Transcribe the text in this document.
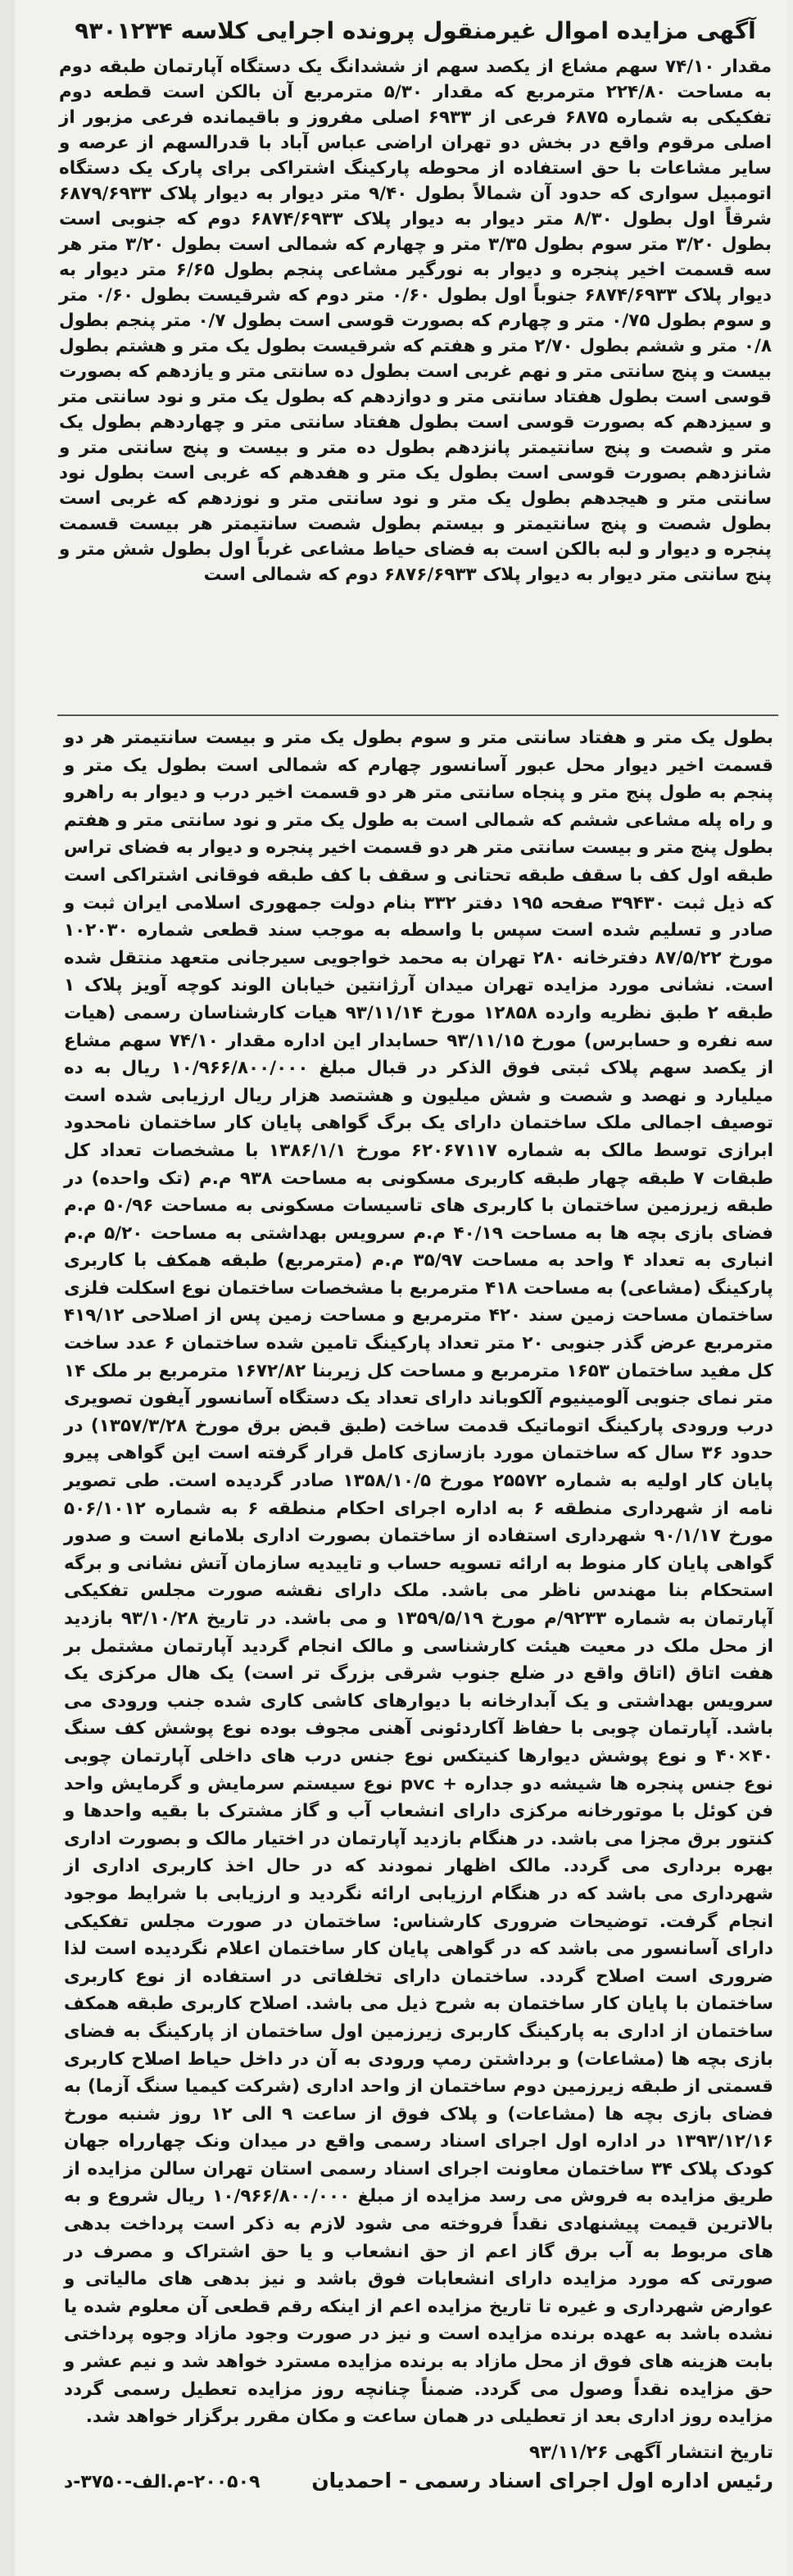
آگهی مزایده اموال غیرمنقول پرونده اجرایی کلاسه ۹۳۰۱۲۳۴

مقدار ۷۴/۱۰ سهم مشاع از یکصد سهم از ششدانگ یک دستگاه آپارتمان طبقه دوم به مساحت ۲۲۴/۸۰ مترمربع که مقدار ۵/۳۰ مترمربع آن بالکن است قطعه دوم تفکیکی به شماره ۶۸۷۵ فرعی از ۶۹۳۳ اصلی مفروز و باقیمانده فرعی مزبور از اصلی مرقوم واقع در بخش دو تهران اراضی عباس آباد با قدرالسهم از عرصه و سایر مشاعات با حق استفاده از محوطه پارکینگ اشتراکی برای پارک یک دستگاه اتومبیل سواری که حدود آن شمالاً بطول ۹/۴۰ متر دیوار به دیوار پلاک ۶۸۷۹/۶۹۳۳ شرقاً اول بطول ۸/۳۰ متر دیوار به دیوار پلاک ۶۸۷۴/۶۹۳۳ دوم که جنوبی است بطول ۳/۲۰ متر سوم بطول ۳/۳۵ متر و چهارم که شمالی است بطول ۳/۲۰ متر هر سه قسمت اخیر پنجره و دیوار به نورگیر مشاعی پنجم بطول ۶/۶۵ متر دیوار به دیوار پلاک ۶۸۷۴/۶۹۳۳ جنوباً اول بطول ۰/۶۰ متر دوم که شرقیست بطول ۰/۶۰ متر و سوم بطول ۰/۷۵ متر و چهارم که بصورت قوسی است بطول ۰/۷ متر پنجم بطول ۰/۸ متر و ششم بطول ۲/۷۰ متر و هفتم که شرقیست بطول یک متر و هشتم بطول بیست و پنج سانتی متر و نهم غربی است بطول ده سانتی متر و یازدهم که بصورت قوسی است بطول هفتاد سانتی متر و دوازدهم که بطول یک متر و نود سانتی متر و سیزدهم که بصورت قوسی است بطول هفتاد سانتی متر و چهاردهم بطول یک متر و شصت و پنج سانتیمتر پانزدهم بطول ده متر و بیست و پنج سانتی متر و شانزدهم بصورت قوسی است بطول یک متر و هفدهم که غربی است بطول نود سانتی متر و هیجدهم بطول یک متر و نود سانتی متر و نوزدهم که غربی است بطول شصت و پنج سانتیمتر و بیستم بطول شصت سانتیمتر هر بیست قسمت پنجره و دیوار و لبه بالکن است به فضای حیاط مشاعی غرباً اول بطول شش متر و پنج سانتی متر دیوار به دیوار پلاک ۶۸۷۶/۶۹۳۳ دوم که شمالی است

بطول یک متر و هفتاد سانتی متر و سوم بطول یک متر و بیست سانتیمتر هر دو قسمت اخیر دیوار محل عبور آسانسور چهارم که شمالی است بطول یک متر و پنجم به طول پنج متر و پنجاه سانتی متر هر دو قسمت اخیر درب و دیوار به راهرو و راه پله مشاعی ششم که شمالی است به طول یک متر و نود سانتی متر و هفتم بطول پنج متر و بیست سانتی متر هر دو قسمت اخیر پنجره و دیوار به فضای تراس طبقه اول کف با سقف طبقه تحتانی و سقف با کف طبقه فوقانی اشتراکی است که ذیل ثبت ۳۹۴۳۰ صفحه ۱۹۵ دفتر ۳۳۲ بنام دولت جمهوری اسلامی ایران ثبت و صادر و تسلیم شده است سپس با واسطه به موجب سند قطعی شماره ۱۰۲۰۳۰ مورخ ۸۷/۵/۲۲ دفترخانه ۲۸۰ تهران به محمد خواجویی سیرجانی متعهد منتقل شده است. نشانی مورد مزایده تهران میدان آرژانتین خیابان الوند کوچه آویز پلاک ۱ طبقه ۲ طبق نظریه وارده ۱۲۸۵۸ مورخ ۹۳/۱۱/۱۴ هیات کارشناسان رسمی (هیات سه نفره و حسابرس) مورخ ۹۳/۱۱/۱۵ حسابدار این اداره مقدار ۷۴/۱۰ سهم مشاع از یکصد سهم پلاک ثبتی فوق الذکر در قبال مبلغ ۱۰/۹۶۶/۸۰۰/۰۰۰ ریال به ده میلیارد و نهصد و شصت و شش میلیون و هشتصد هزار ریال ارزیابی شده است توصیف اجمالی ملک ساختمان دارای یک برگ گواهی پایان کار ساختمان نامحدود ابرازی توسط مالک به شماره ۶۲۰۶۷۱۱۷ مورخ ۱۳۸۶/۱/۱ با مشخصات تعداد کل طبقات ۷ طبقه چهار طبقه کاربری مسکونی به مساحت ۹۳۸ م.م (تک واحده) در طبقه زیرزمین ساختمان با کاربری های تاسیسات مسکونی به مساحت ۵۰/۹۶ م.م فضای بازی بچه ها به مساحت ۴۰/۱۹ م.م سرویس بهداشتی به مساحت ۵/۲۰ م.م انباری به تعداد ۴ واحد به مساحت ۳۵/۹۷ م.م (مترمربع) طبقه همکف با کاربری پارکینگ (مشاعی) به مساحت ۴۱۸ مترمربع با مشخصات ساختمان نوع اسکلت فلزی ساختمان مساحت زمین سند ۴۲۰ مترمربع و مساحت زمین پس از اصلاحی ۴۱۹/۱۲ مترمربع عرض گذر جنوبی ۲۰ متر تعداد پارکینگ تامین شده ساختمان ۶ عدد ساخت کل مفید ساختمان ۱۶۵۳ مترمربع و مساحت کل زیربنا ۱۶۷۲/۸۲ مترمربع بر ملک ۱۴ متر نمای جنوبی آلومینیوم آلکوباند دارای تعداد یک دستگاه آسانسور آیفون تصویری درب ورودی پارکینگ اتوماتیک قدمت ساخت (طبق قبض برق مورخ ۱۳۵۷/۳/۲۸) در حدود ۳۶ سال که ساختمان مورد بازسازی کامل قرار گرفته است این گواهی پیرو پایان کار اولیه به شماره ۲۵۵۷۲ مورخ ۱۳۵۸/۱۰/۵ صادر گردیده است. طی تصویر نامه از شهرداری منطقه ۶ به اداره اجرای احکام منطقه ۶ به شماره ۵۰۶/۱۰۱۲ مورخ ۹۰/۱/۱۷ شهرداری استفاده از ساختمان بصورت اداری بلامانع است و صدور گواهی پایان کار منوط به ارائه تسویه حساب و تاییدیه سازمان آتش نشانی و برگه استحکام بنا مهندس ناظر می باشد. ملک دارای نقشه صورت مجلس تفکیکی آپارتمان به شماره ۹۲۳۳/م مورخ ۱۳۵۹/۵/۱۹ و می باشد. در تاریخ ۹۳/۱۰/۲۸ بازدید از محل ملک در معیت هیئت کارشناسی و مالک انجام گردید آپارتمان مشتمل بر هفت اتاق (اتاق واقع در ضلع جنوب شرقی بزرگ تر است) یک هال مرکزی یک سرویس بهداشتی و یک آبدارخانه با دیوارهای کاشی کاری شده جنب ورودی می باشد. آپارتمان چوبی با حفاظ آکاردئونی آهنی مجوف بوده نوع پوشش کف سنگ ۴۰×۴۰ و نوع پوشش دیوارها کنیتکس نوع جنس درب های داخلی آپارتمان چوبی نوع جنس پنجره ها شیشه دو جداره + pvc نوع سیستم سرمایش و گرمایش واحد فن کوئل با موتورخانه مرکزی دارای انشعاب آب و گاز مشترک با بقیه واحدها و کنتور برق مجزا می باشد. در هنگام بازدید آپارتمان در اختیار مالک و بصورت اداری بهره برداری می گردد. مالک اظهار نمودند که در حال اخذ کاربری اداری از شهرداری می باشد که در هنگام ارزیابی ارائه نگردید و ارزیابی با شرایط موجود انجام گرفت. توضیحات ضروری کارشناس: ساختمان در صورت مجلس تفکیکی دارای آسانسور می باشد که در گواهی پایان کار ساختمان اعلام نگردیده است لذا ضروری است اصلاح گردد. ساختمان دارای تخلفاتی در استفاده از نوع کاربری ساختمان با پایان کار ساختمان به شرح ذیل می باشد. اصلاح کاربری طبقه همکف ساختمان از اداری به پارکینگ کاربری زیرزمین اول ساختمان از پارکینگ به فضای بازی بچه ها (مشاعات) و برداشتن رمپ ورودی به آن در داخل حیاط اصلاح کاربری قسمتی از طبقه زیرزمین دوم ساختمان از واحد اداری (شرکت کیمیا سنگ آزما) به فضای بازی بچه ها (مشاعات) و پلاک فوق از ساعت ۹ الی ۱۲ روز شنبه مورخ ۱۳۹۳/۱۲/۱۶ در اداره اول اجرای اسناد رسمی واقع در میدان ونک چهارراه جهان کودک پلاک ۳۴ ساختمان معاونت اجرای اسناد رسمی استان تهران سالن مزایده از طریق مزایده به فروش می رسد مزایده از مبلغ ۱۰/۹۶۶/۸۰۰/۰۰۰ ریال شروع و به بالاترین قیمت پیشنهادی نقداً فروخته می شود لازم به ذکر است پرداخت بدهی های مربوط به آب برق گاز اعم از حق انشعاب و یا حق اشتراک و مصرف در صورتی که مورد مزایده دارای انشعابات فوق باشد و نیز بدهی های مالیاتی و عوارض شهرداری و غیره تا تاریخ مزایده اعم از اینکه رقم قطعی آن معلوم شده یا نشده باشد به عهده برنده مزایده است و نیز در صورت وجود مازاد وجوه پرداختی بابت هزینه های فوق از محل مازاد به برنده مزایده مسترد خواهد شد و نیم عشر و حق مزایده نقداً وصول می گردد. ضمناً چنانچه روز مزایده تعطیل رسمی گردد مزایده روز اداری بعد از تعطیلی در همان ساعت و مکان مقرر برگزار خواهد شد.

تاریخ انتشار آگهی ۹۳/۱۱/۲۶
رئیس اداره اول اجرای اسناد رسمی - احمدیان
۲۰۰۵۰۹-م.الف-۳۷۵۰-د
